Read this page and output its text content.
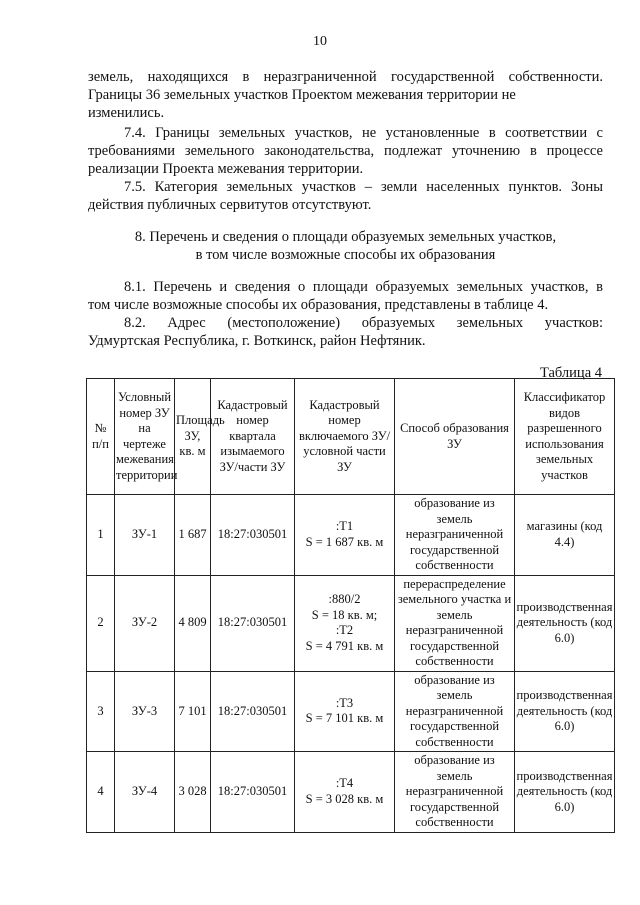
10
земель, находящихся в неразграниченной государственной собственности.
Границы 36 земельных участков Проектом межевания территории не
изменились.
7.4. Границы земельных участков, не установленные в соответствии с
требованиями земельного законодательства, подлежат уточнению в процессе
реализации Проекта межевания территории.
7.5. Категория земельных участков – земли населенных пунктов. Зоны
действия публичных сервитутов отсутствуют.
8. Перечень и сведения о площади образуемых земельных участков,
в том числе возможные способы их образования
8.1. Перечень и сведения о площади образуемых земельных участков, в
том числе возможные способы их образования, представлены в таблице 4.
8.2. Адрес (местоположение) образуемых земельных участков:
Удмуртская Республика, г. Воткинск, район Нефтяник.
Таблица 4
№ п/п	Условный номер ЗУ на чертеже межевания территории	Площадь ЗУ, кв. м	Кадастровый номер квартала изымаемого ЗУ/части ЗУ	Кадастровый номер включаемого ЗУ/условной части ЗУ	Способ образования ЗУ	Классификатор видов разрешенного использования земельных участков
1	ЗУ-1	1 687	18:27:030501	:Т1
S = 1 687 кв. м	образование из земель неразграниченной государственной собственности	магазины (код 4.4)
2	ЗУ-2	4 809	18:27:030501	:880/2
S = 18 кв. м;
:Т2
S = 4 791 кв. м	перераспределение земельного участка и земель неразграниченной государственной собственности	производственная деятельность (код 6.0)
3	ЗУ-3	7 101	18:27:030501	:Т3
S = 7 101 кв. м	образование из земель неразграниченной государственной собственности	производственная деятельность (код 6.0)
4	ЗУ-4	3 028	18:27:030501	:Т4
S = 3 028 кв. м	образование из земель неразграниченной государственной собственности	производственная деятельность (код 6.0)
